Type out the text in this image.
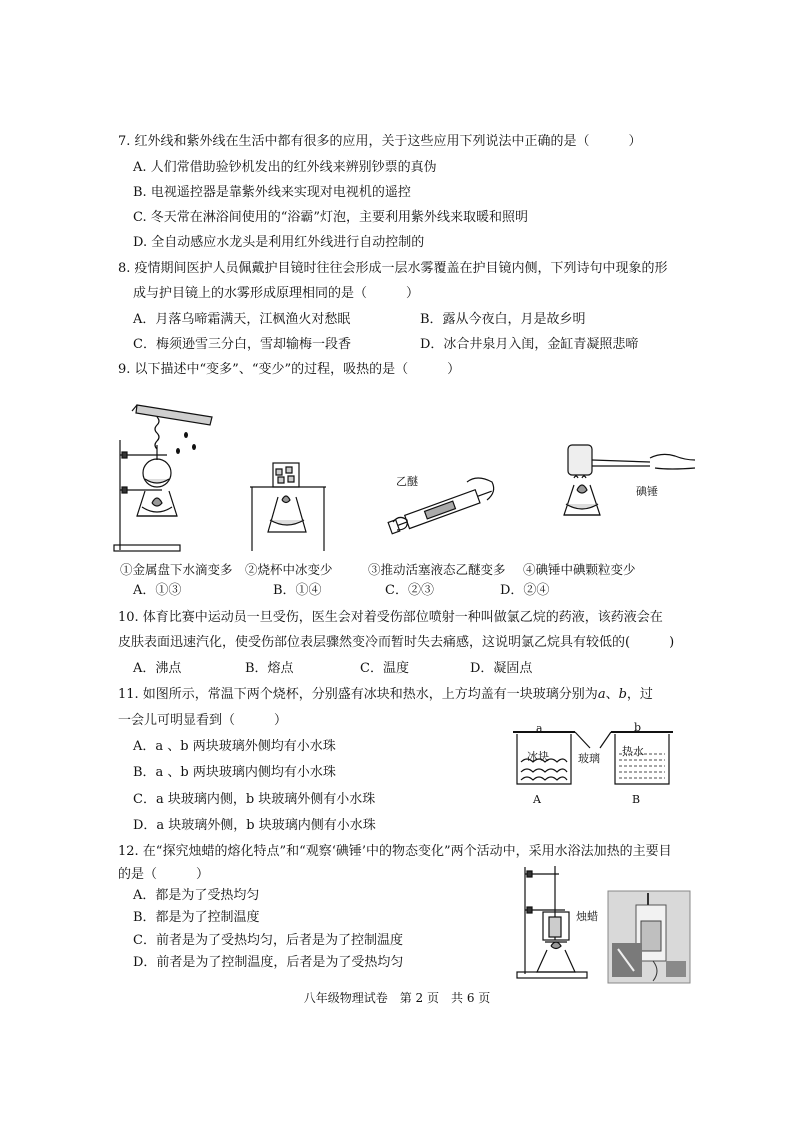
7. 红外线和紫外线在生活中都有很多的应用，关于这些应用下列说法中正确的是（　　　）
A. 人们常借助验钞机发出的红外线来辨别钞票的真伪
B. 电视遥控器是靠紫外线来实现对电视机的遥控
C. 冬天常在淋浴间使用的“浴霸”灯泡，主要利用紫外线来取暖和照明
D. 全自动感应水龙头是利用红外线进行自动控制的
8. 疫情期间医护人员佩戴护目镜时往往会形成一层水雾覆盖在护目镜内侧，下列诗句中现象的形
成与护目镜上的水雾形成原理相同的是（　　　）
A．月落乌啼霜满天，江枫渔火对愁眠	B．露从今夜白，月是故乡明
C．梅须逊雪三分白，雪却输梅一段香	D．冰合井泉月入闺，金缸青凝照悲啼
9. 以下描述中“变多”、“变少”的过程，吸热的是（　　　）
乙醚
碘锤
①金属盘下水滴变多 ②烧杯中冰变少	③推动活塞液态乙醚变多 ④碘锤中碘颗粒变少
A．①③	B．①④	C．②③	D．②④
10. 体育比赛中运动员一旦受伤，医生会对着受伤部位喷射一种叫做氯乙烷的药液，该药液会在
皮肤表面迅速汽化，使受伤部位表层骤然变冷而暂时失去痛感，这说明氯乙烷具有较低的(　　　)
A．沸点	B．熔点	C．温度	D．凝固点
11. 如图所示，常温下两个烧杯，分别盛有冰块和热水，上方均盖有一块玻璃分别为a、b，过
一会儿可明显看到（　　　）
A．a 、b 两块玻璃外侧均有小水珠
B．a 、b 两块玻璃内侧均有小水珠
C．a 块玻璃内侧，b 块玻璃外侧有小水珠
D．a 块玻璃外侧，b 块玻璃内侧有小水珠
a	b
冰块	玻璃
热水
A	B
12. 在“探究烛蜡的熔化特点”和“观察‘碘锤’中的物态变化”两个活动中，采用水浴法加热的主要目
的是（　　　）
A．都是为了受热均匀
B．都是为了控制温度
C．前者是为了受热均匀，后者是为了控制温度
D．前者是为了控制温度，后者是为了受热均匀
烛蜡
八年级物理试卷　第 2 页　共 6 页
